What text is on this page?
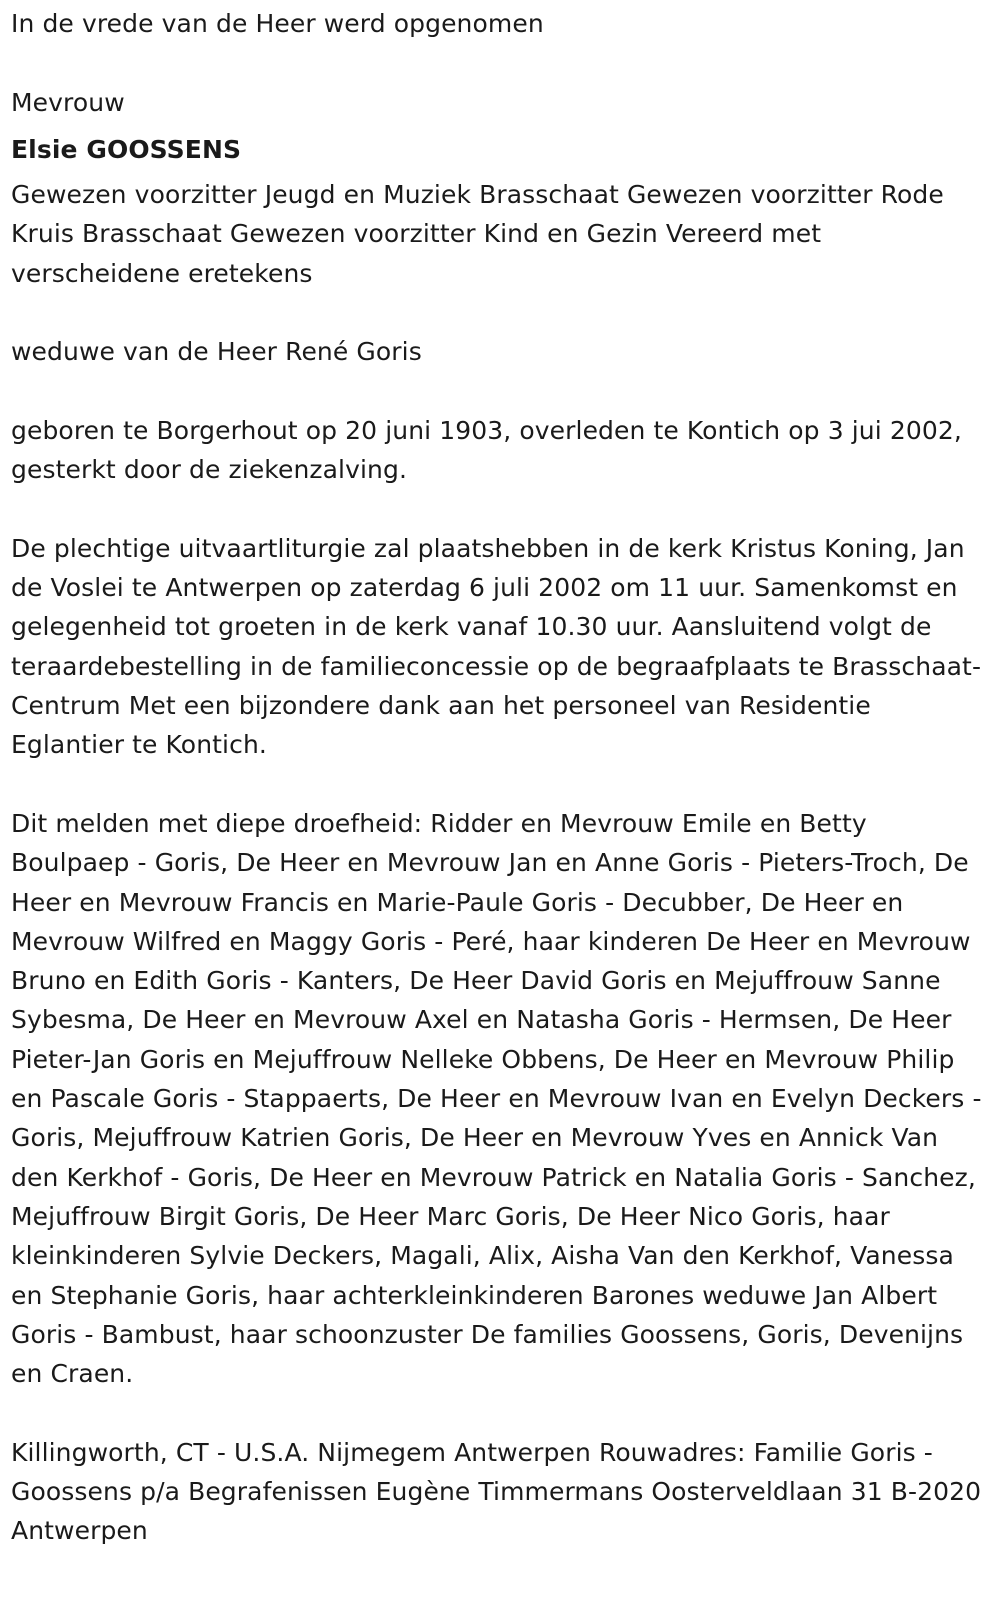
In de vrede van de Heer werd opgenomen

Mevrouw

Elsie GOOSSENS

Gewezen voorzitter Jeugd en Muziek Brasschaat Gewezen voorzitter Rode Kruis Brasschaat Gewezen voorzitter Kind en Gezin Vereerd met verscheidene eretekens

weduwe van de Heer René Goris

geboren te Borgerhout op 20 juni 1903, overleden te Kontich op 3 jui 2002, gesterkt door de ziekenzalving.

De plechtige uitvaartliturgie zal plaatshebben in de kerk Kristus Koning, Jan de Voslei te Antwerpen op zaterdag 6 juli 2002 om 11 uur. Samenkomst en gelegenheid tot groeten in de kerk vanaf 10.30 uur. Aansluitend volgt de teraardebestelling in de familieconcessie op de begraafplaats te Brasschaat-Centrum Met een bijzondere dank aan het personeel van Residentie Eglantier te Kontich.

Dit melden met diepe droefheid: Ridder en Mevrouw Emile en Betty Boulpaep - Goris, De Heer en Mevrouw Jan en Anne Goris - Pieters-Troch, De Heer en Mevrouw Francis en Marie-Paule Goris - Decubber, De Heer en Mevrouw Wilfred en Maggy Goris - Peré, haar kinderen De Heer en Mevrouw Bruno en Edith Goris - Kanters, De Heer David Goris en Mejuffrouw Sanne Sybesma, De Heer en Mevrouw Axel en Natasha Goris - Hermsen, De Heer Pieter-Jan Goris en Mejuffrouw Nelleke Obbens, De Heer en Mevrouw Philip en Pascale Goris - Stappaerts, De Heer en Mevrouw Ivan en Evelyn Deckers - Goris, Mejuffrouw Katrien Goris, De Heer en Mevrouw Yves en Annick Van den Kerkhof - Goris, De Heer en Mevrouw Patrick en Natalia Goris - Sanchez, Mejuffrouw Birgit Goris, De Heer Marc Goris, De Heer Nico Goris, haar kleinkinderen Sylvie Deckers, Magali, Alix, Aisha Van den Kerkhof, Vanessa en Stephanie Goris, haar achterkleinkinderen Barones weduwe Jan Albert Goris - Bambust, haar schoonzuster De families Goossens, Goris, Devenijns en Craen.

Killingworth, CT - U.S.A. Nijmegem Antwerpen Rouwadres: Familie Goris - Goossens p/a Begrafenissen Eugène Timmermans Oosterveldlaan 31 B-2020 Antwerpen
